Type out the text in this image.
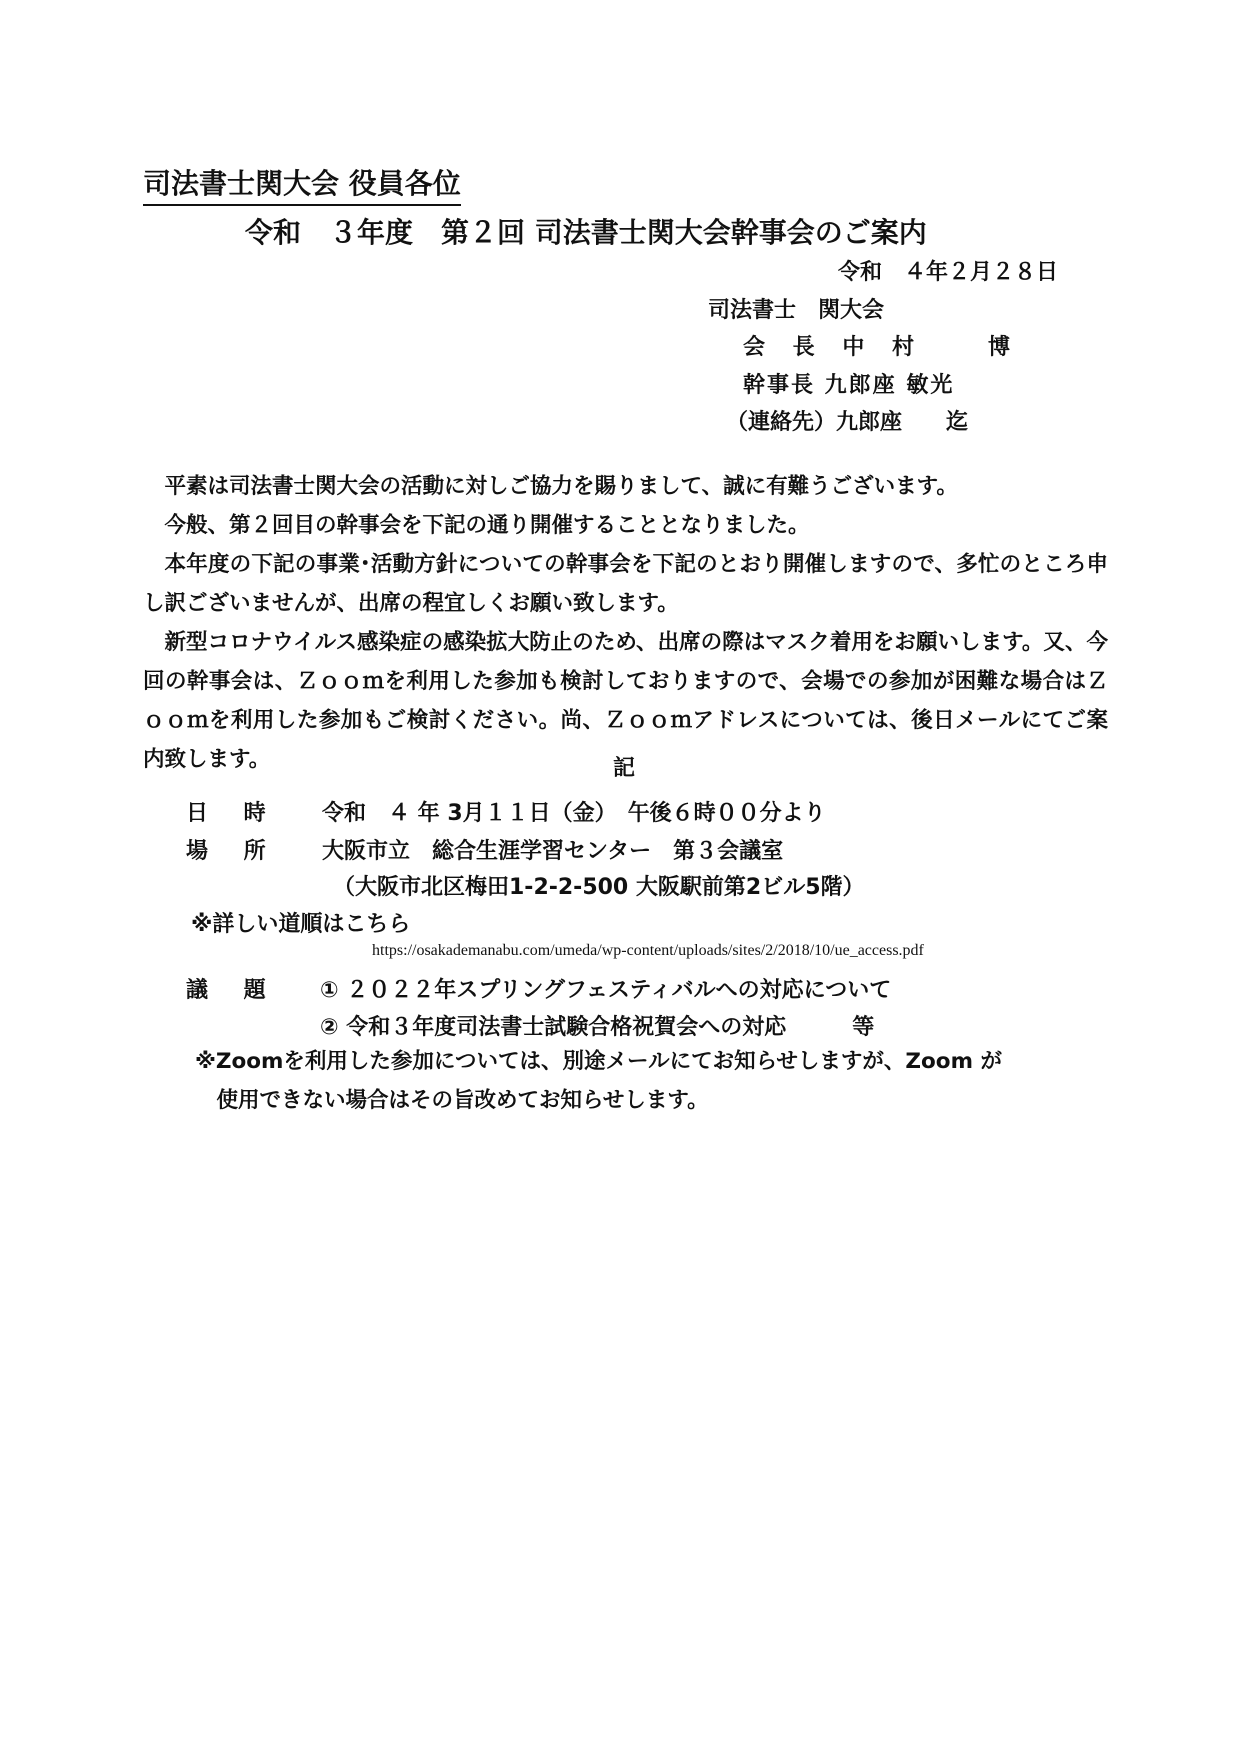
司法書士関大会 役員各位
令和　３年度　第２回 司法書士関大会幹事会のご案内
令和　４年２月２８日
司法書士　関大会
会 長 中 村　　博
幹事長 九郎座 敏光
（連絡先）九郎座　　迄

平素は司法書士関大会の活動に対しご協力を賜りまして、誠に有難うございます。

今般、第２回目の幹事会を下記の通り開催することとなりました。

本年度の下記の事業･活動方針についての幹事会を下記のとおり開催しますので、多忙のところ申し訳ございませんが、出席の程宜しくお願い致します。

新型コロナウイルス感染症の感染拡大防止のため、出席の際はマスク着用をお願いします。又、今回の幹事会は、Ｚｏｏｍを利用した参加も検討しておりますので、会場での参加が困難な場合はＺｏｏｍを利用した参加もご検討ください。尚、Ｚｏｏｍアドレスについては、後日メールにてご案内致します。	記
日 時 令和　４ 年 3月１１日（金）　午後６時００分より
場 所 大阪市立　総合生涯学習センター　第３会議室
（大阪市北区梅田1-2-2-500 大阪駅前第2ビル5階）
※詳しい道順はこちら
https://osakademanabu.com/umeda/wp-content/uploads/sites/2/2018/10/ue_access.pdf
議 題 ① ２０２２年スプリングフェスティバルへの対応について
② 令和３年度司法書士試験合格祝賀会への対応　　　等
※Zoomを利用した参加については、別途メールにてお知らせしますが、Zoom が
　使用できない場合はその旨改めてお知らせします。
